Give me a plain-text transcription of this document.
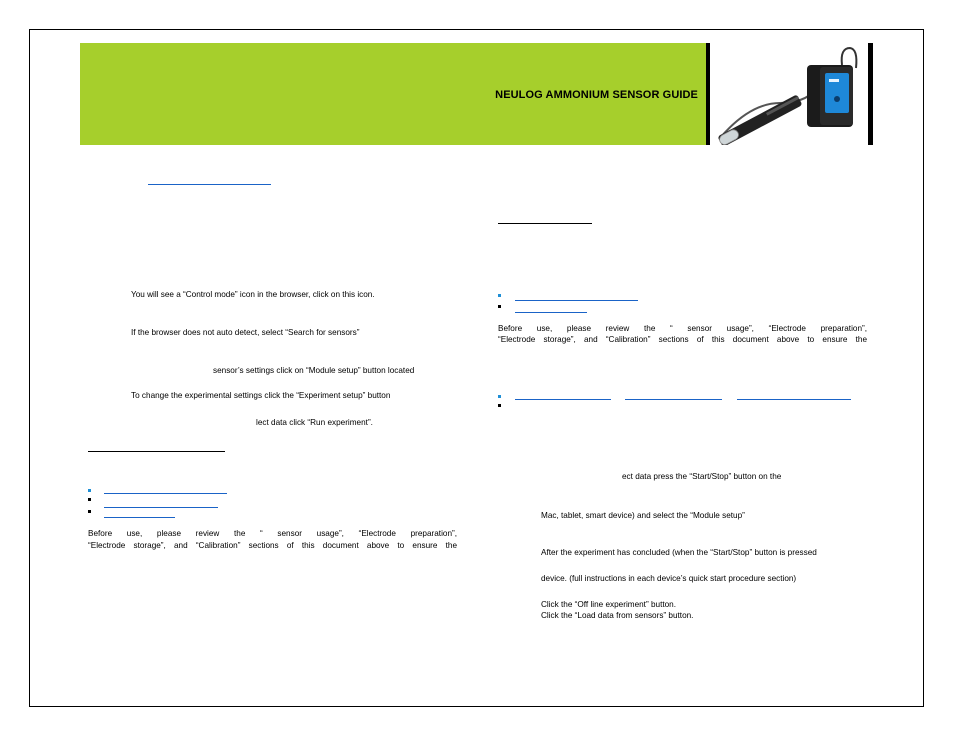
NEULOG AMMONIUM SENSOR GUIDE
You will see a “Control mode” icon in the browser, click on this icon.
If the browser does not auto detect, select “Search for sensors”
sensor’s settings click on “Module setup” button located
To change the experimental settings click the “Experiment setup” button
lect data click “Run experiment”.
Before use, please review the “ sensor usage”, “Electrode preparation”,
“Electrode storage”, and “Calibration” sections of this document above to ensure the
Before use, please review the “ sensor usage”, “Electrode preparation”,
“Electrode storage”, and “Calibration” sections of this document above to ensure the
ect data press the “Start/Stop” button on the
Mac, tablet, smart device) and select the “Module setup”
After the experiment has concluded (when the “Start/Stop” button is pressed
device. (full instructions in each device’s quick start procedure section)
Click the “Off line experiment” button.
Click the “Load data from sensors” button.
